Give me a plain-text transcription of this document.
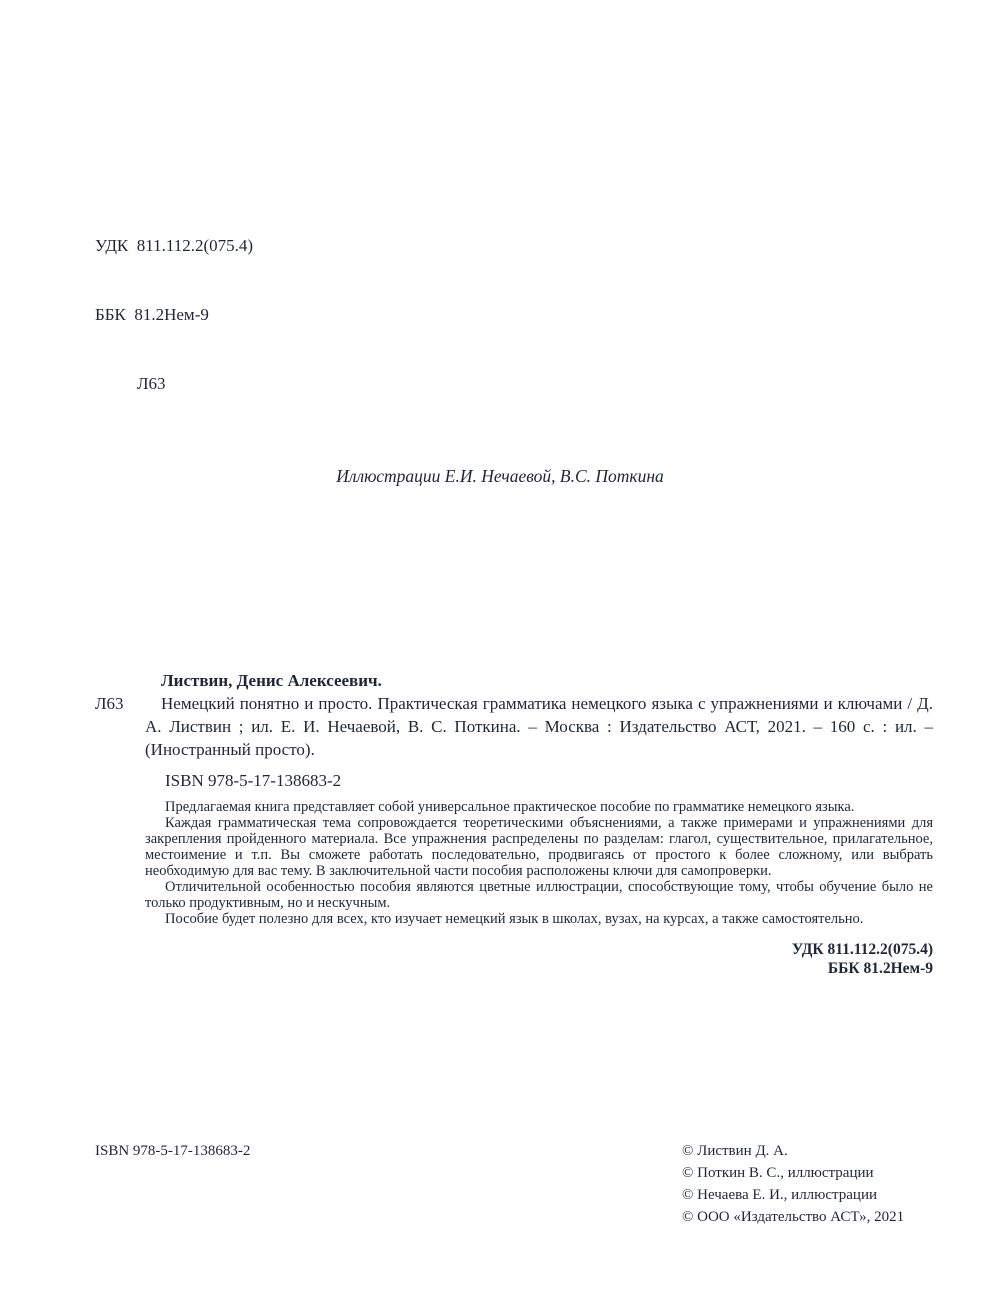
УДК  811.112.2(075.4)

ББК  81.2Нем-9

Л63

Иллюстрации Е.И. Нечаевой, В.С. Поткина
Листвин, Денис Алексеевич.
Л63	Немецкий понятно и просто. Практическая грамматика немецкого языка с упражнениями и ключами / Д. А. Листвин ; ил. Е. И. Нечаевой, В. С. Поткина. – Москва : Издательство АСТ, 2021. – 160 с. : ил. – (Иностранный просто).

ISBN 978-5-17-138683-2

Предлагаемая книга представляет собой универсальное практическое пособие по грамматике немецкого языка.

Каждая грамматическая тема сопровождается теоретическими объяснениями, а также примерами и упражнениями для закрепления пройденного материала. Все упражнения распределены по разделам: глагол, существительное, прилагательное, местоимение и т.п. Вы сможете работать последовательно, продвигаясь от простого к более сложному, или выбрать необходимую для вас тему. В заключительной части пособия расположены ключи для самопроверки.

Отличительной особенностью пособия являются цветные иллюстрации, способствующие тому, чтобы обучение было не только продуктивным, но и нескучным.

Пособие будет полезно для всех, кто изучает немецкий язык в школах, вузах, на курсах, а также самостоятельно.

УДК 811.112.2(075.4)
ББК 81.2Нем-9
ISBN 978-5-17-138683-2	© Листвин Д. А.
© Поткин В. С., иллюстрации
© Нечаева Е. И., иллюстрации
© ООО «Издательство АСТ», 2021
